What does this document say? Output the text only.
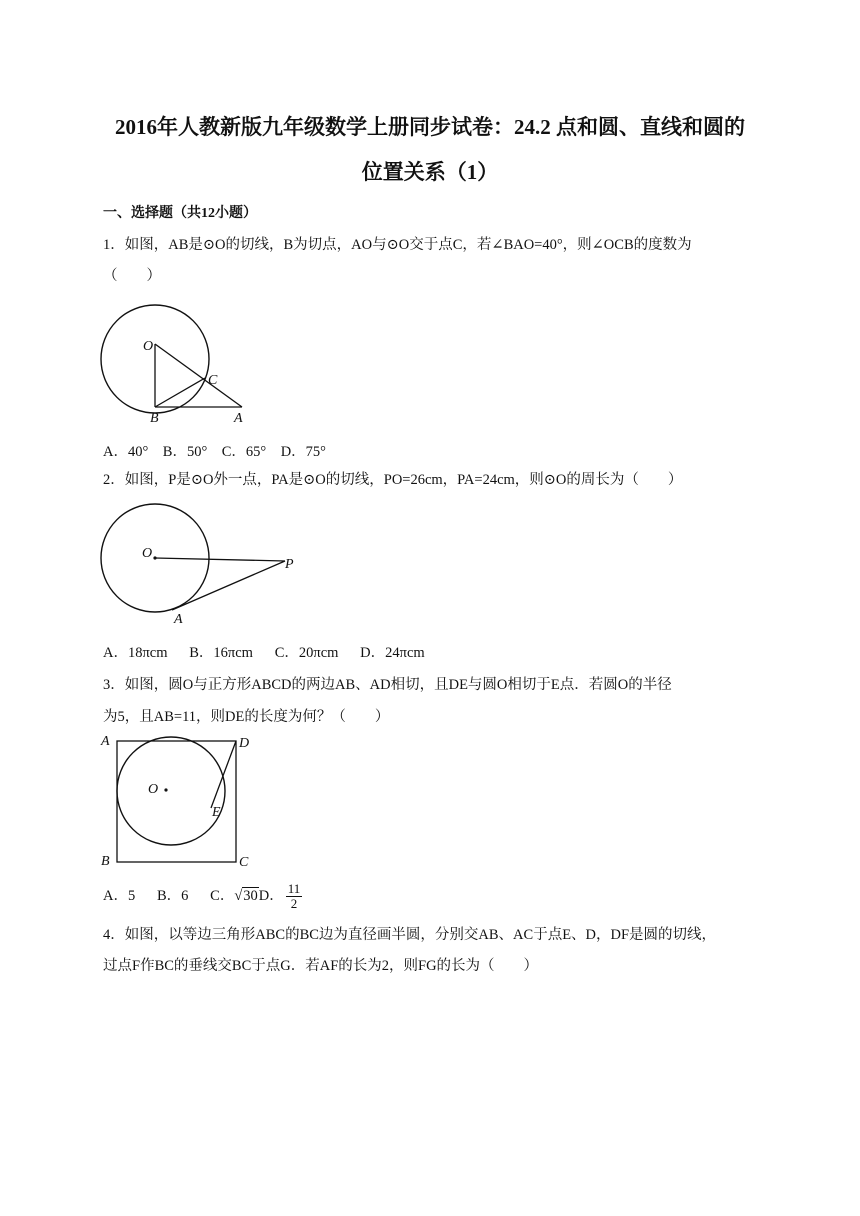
2016年人教新版九年级数学上册同步试卷：24.2 点和圆、直线和圆的
位置关系（1）
一、选择题（共12小题）
1．如图，AB是⊙O的切线，B为切点，AO与⊙O交于点C，若∠BAO=40°，则∠OCB的度数为
（　　）
O
C
B	A
A．40°　B．50°　C．65°　D．75°
2．如图，P是⊙O外一点，PA是⊙O的切线，PO=26cm，PA=24cm，则⊙O的周长为（　　）
O
P
A
A．18πcm　  B．16πcm　  C．20πcm　  D．24πcm
3．如图，圆O与正方形ABCD的两边AB、AD相切，且DE与圆O相切于E点．若圆O的半径
为5，且AB=11，则DE的长度为何？（　　）
A	D
O
E
B	C
A．5 B．6 C．√30D． $\frac{11}{2}$
4．如图，以等边三角形ABC的BC边为直径画半圆，分别交AB、AC于点E、D，DF是圆的切线，
过点F作BC的垂线交BC于点G．若AF的长为2，则FG的长为（　　）
